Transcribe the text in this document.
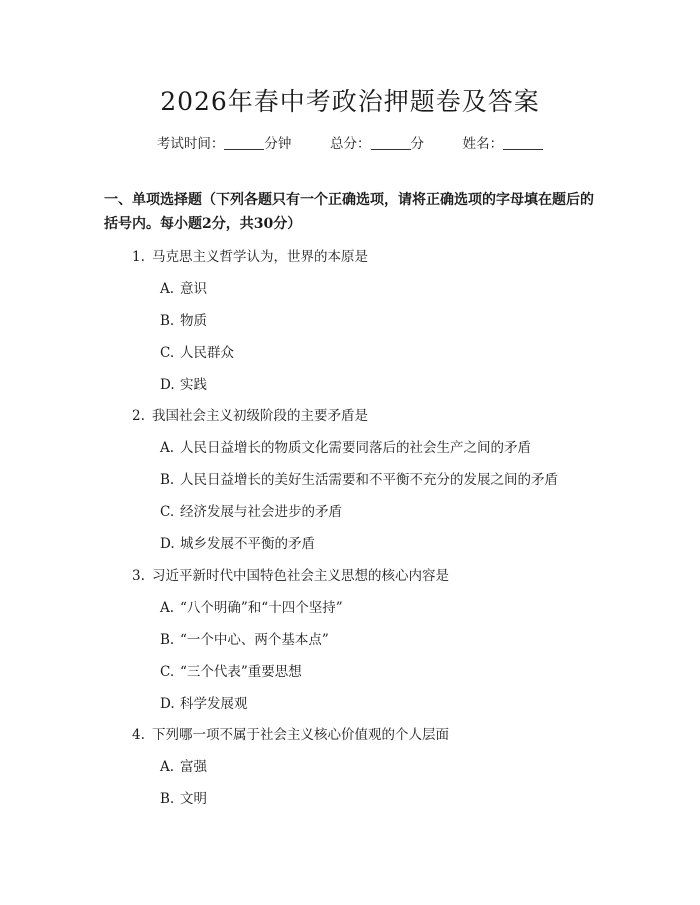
2026年春中考政治押题卷及答案
考试时间：	分钟	总分：	分	姓名：
一、单项选择题（下列各题只有一个正确选项，请将正确选项的字母填在题后的括号内。每小题2分，共30分）
1. 马克思主义哲学认为，世界的本原是
A. 意识
B. 物质
C. 人民群众
D. 实践
2. 我国社会主义初级阶段的主要矛盾是
A. 人民日益增长的物质文化需要同落后的社会生产之间的矛盾
B. 人民日益增长的美好生活需要和不平衡不充分的发展之间的矛盾
C. 经济发展与社会进步的矛盾
D. 城乡发展不平衡的矛盾
3. 习近平新时代中国特色社会主义思想的核心内容是
A. “八个明确”和“十四个坚持”
B. “一个中心、两个基本点”
C. “三个代表”重要思想
D. 科学发展观
4. 下列哪一项不属于社会主义核心价值观的个人层面
A. 富强
B. 文明
